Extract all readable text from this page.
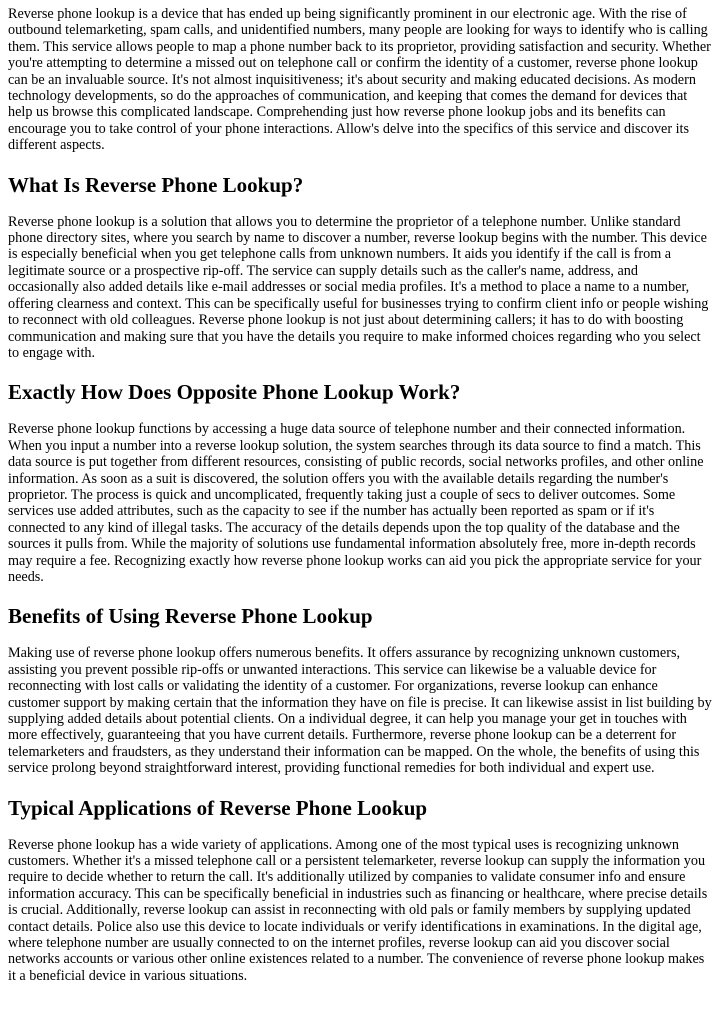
Reverse phone lookup is a device that has ended up being significantly prominent in our electronic age. With the rise of outbound telemarketing, spam calls, and unidentified numbers, many people are looking for ways to identify who is calling them. This service allows people to map a phone number back to its proprietor, providing satisfaction and security. Whether you're attempting to determine a missed out on telephone call or confirm the identity of a customer, reverse phone lookup can be an invaluable source. It's not almost inquisitiveness; it's about security and making educated decisions. As modern technology developments, so do the approaches of communication, and keeping that comes the demand for devices that help us browse this complicated landscape. Comprehending just how reverse phone lookup jobs and its benefits can encourage you to take control of your phone interactions. Allow's delve into the specifics of this service and discover its different aspects.

What Is Reverse Phone Lookup?

Reverse phone lookup is a solution that allows you to determine the proprietor of a telephone number. Unlike standard phone directory sites, where you search by name to discover a number, reverse lookup begins with the number. This device is especially beneficial when you get telephone calls from unknown numbers. It aids you identify if the call is from a legitimate source or a prospective rip-off. The service can supply details such as the caller's name, address, and occasionally also added details like e-mail addresses or social media profiles. It's a method to place a name to a number, offering clearness and context. This can be specifically useful for businesses trying to confirm client info or people wishing to reconnect with old colleagues. Reverse phone lookup is not just about determining callers; it has to do with boosting communication and making sure that you have the details you require to make informed choices regarding who you select to engage with.

Exactly How Does Opposite Phone Lookup Work?

Reverse phone lookup functions by accessing a huge data source of telephone number and their connected information. When you input a number into a reverse lookup solution, the system searches through its data source to find a match. This data source is put together from different resources, consisting of public records, social networks profiles, and other online information. As soon as a suit is discovered, the solution offers you with the available details regarding the number's proprietor. The process is quick and uncomplicated, frequently taking just a couple of secs to deliver outcomes. Some services use added attributes, such as the capacity to see if the number has actually been reported as spam or if it's connected to any kind of illegal tasks. The accuracy of the details depends upon the top quality of the database and the sources it pulls from. While the majority of solutions use fundamental information absolutely free, more in-depth records may require a fee. Recognizing exactly how reverse phone lookup works can aid you pick the appropriate service for your needs.

Benefits of Using Reverse Phone Lookup

Making use of reverse phone lookup offers numerous benefits. It offers assurance by recognizing unknown customers, assisting you prevent possible rip-offs or unwanted interactions. This service can likewise be a valuable device for reconnecting with lost calls or validating the identity of a customer. For organizations, reverse lookup can enhance customer support by making certain that the information they have on file is precise. It can likewise assist in list building by supplying added details about potential clients. On a individual degree, it can help you manage your get in touches with more effectively, guaranteeing that you have current details. Furthermore, reverse phone lookup can be a deterrent for telemarketers and fraudsters, as they understand their information can be mapped. On the whole, the benefits of using this service prolong beyond straightforward interest, providing functional remedies for both individual and expert use.

Typical Applications of Reverse Phone Lookup

Reverse phone lookup has a wide variety of applications. Among one of the most typical uses is recognizing unknown customers. Whether it's a missed telephone call or a persistent telemarketer, reverse lookup can supply the information you require to decide whether to return the call. It's additionally utilized by companies to validate consumer info and ensure information accuracy. This can be specifically beneficial in industries such as financing or healthcare, where precise details is crucial. Additionally, reverse lookup can assist in reconnecting with old pals or family members by supplying updated contact details. Police also use this device to locate individuals or verify identifications in examinations. In the digital age, where telephone number are usually connected to on the internet profiles, reverse lookup can aid you discover social networks accounts or various other online existences related to a number. The convenience of reverse phone lookup makes it a beneficial device in various situations.
